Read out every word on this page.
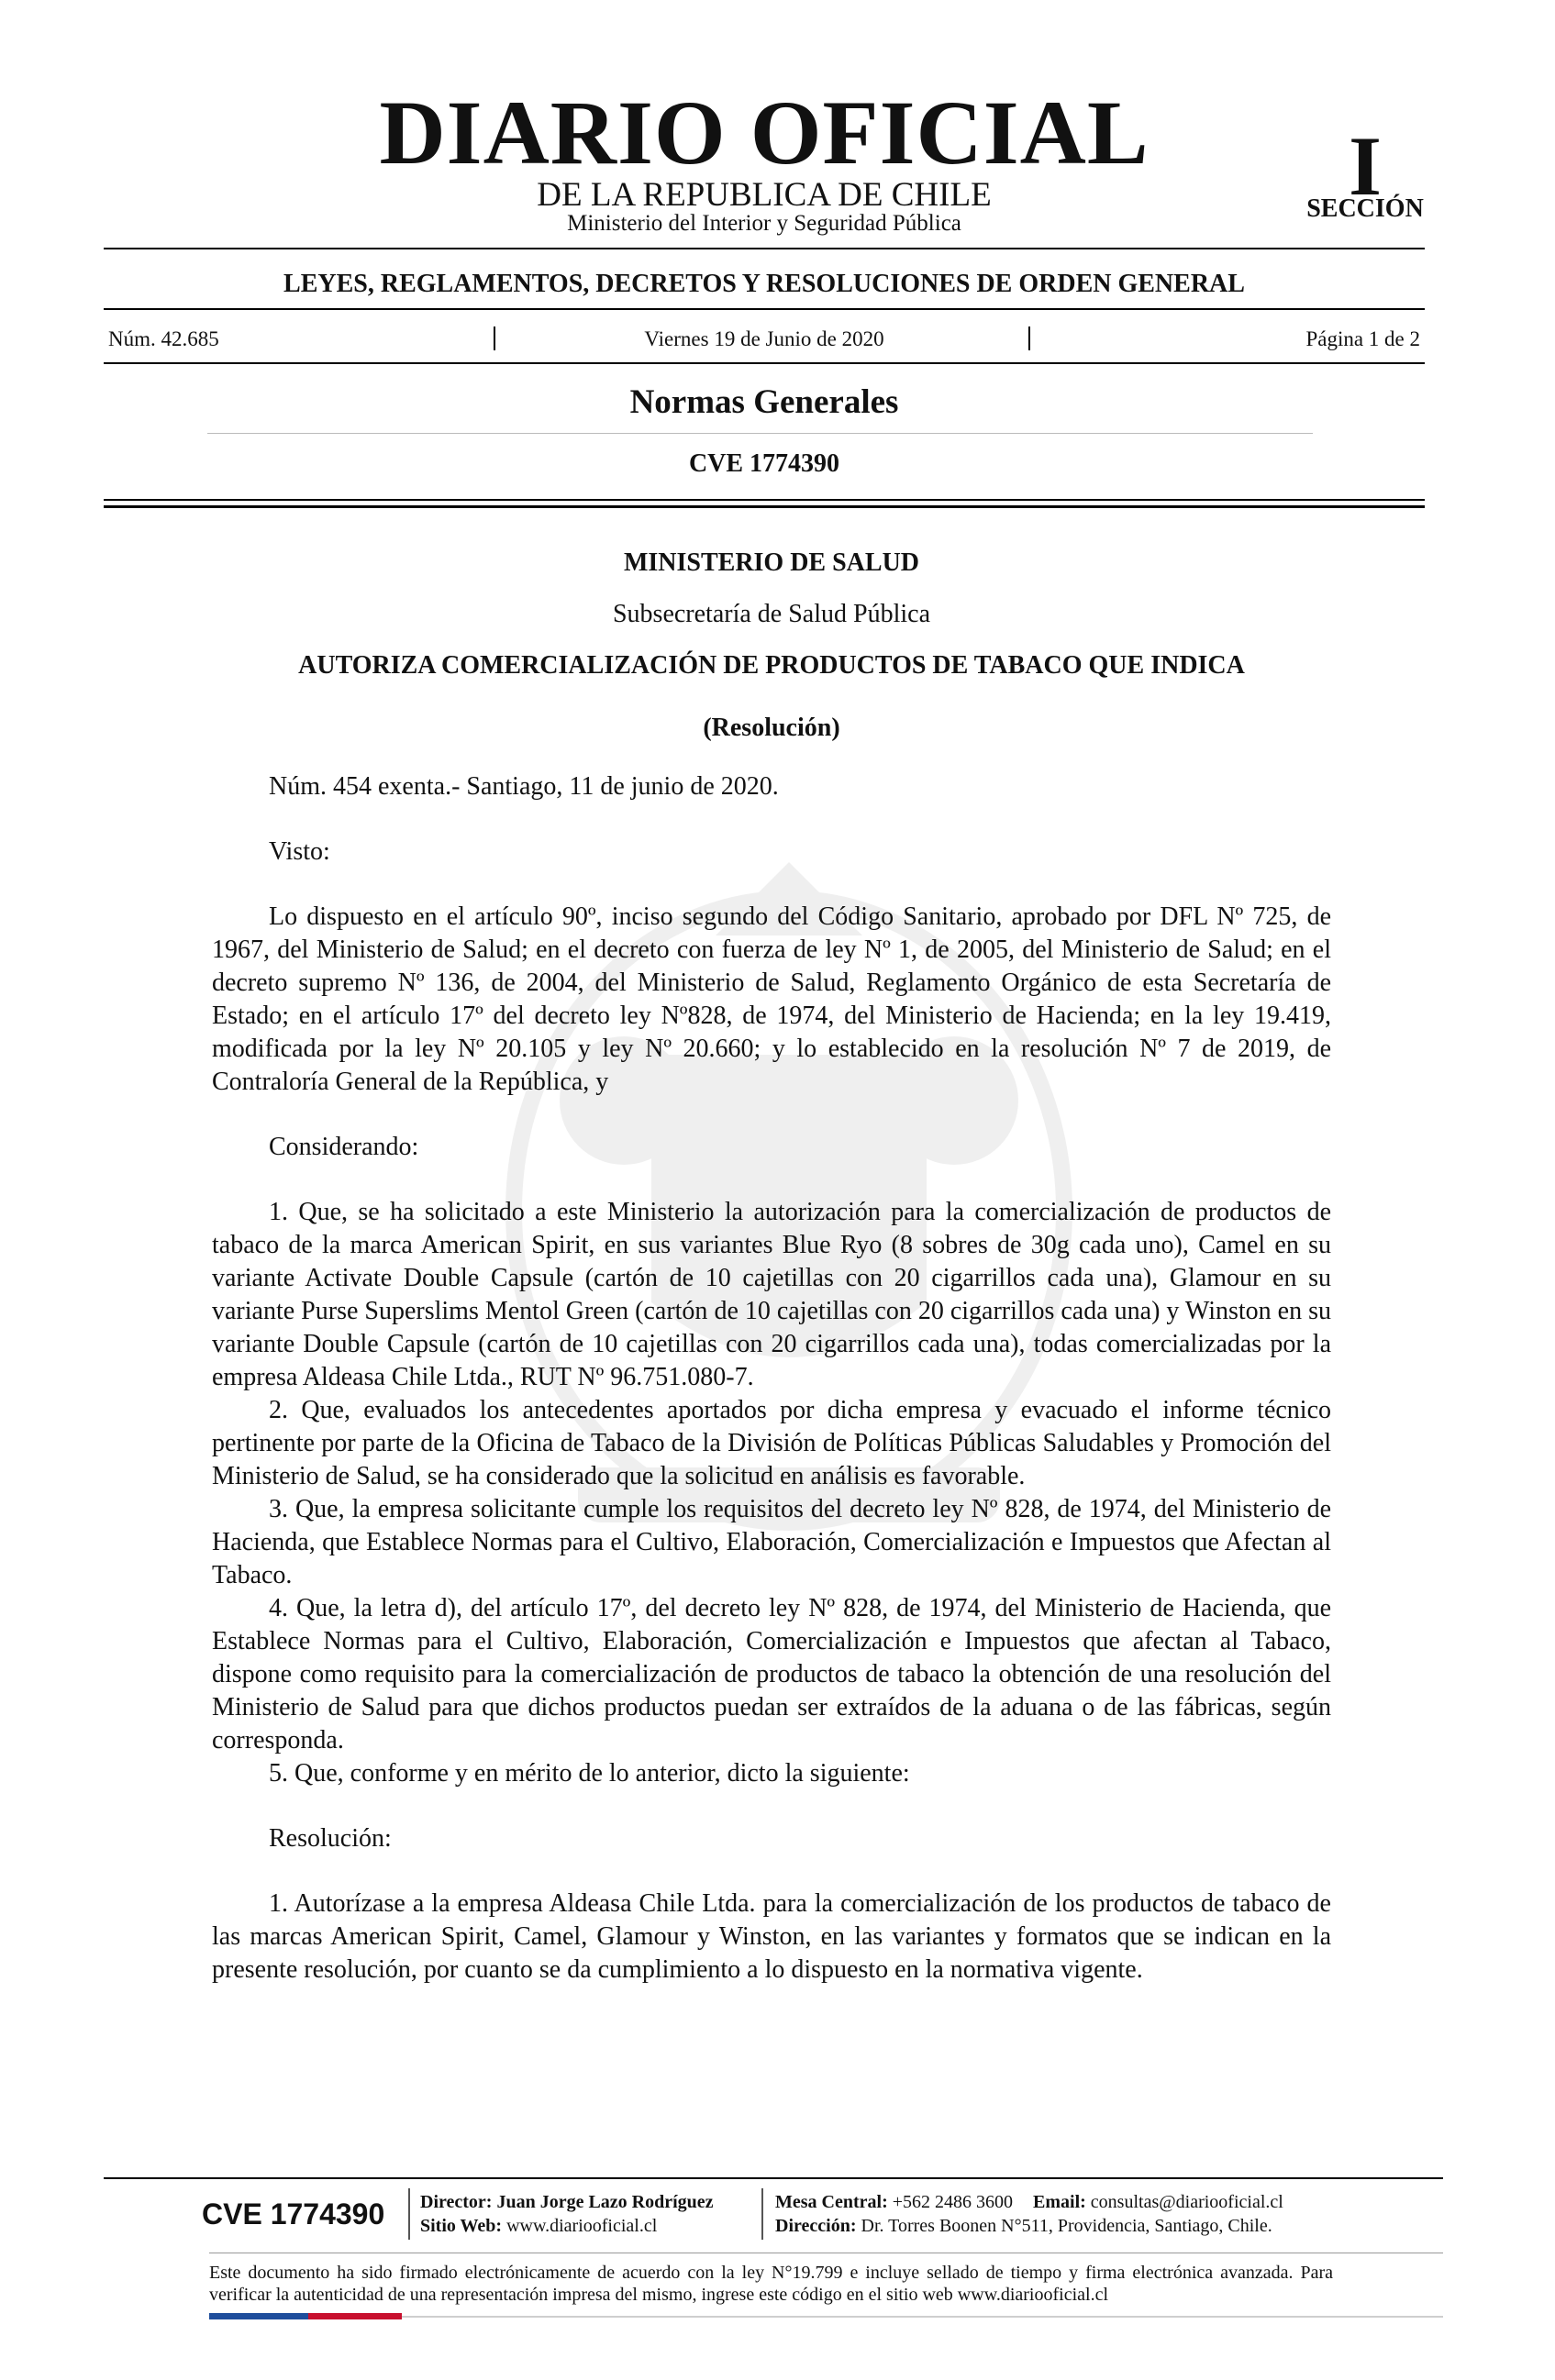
DIARIO OFICIAL
DE LA REPUBLICA DE CHILE
Ministerio del Interior y Seguridad Pública
I
SECCIÓN
LEYES, REGLAMENTOS, DECRETOS Y RESOLUCIONES DE ORDEN GENERAL
Núm. 42.685	Viernes 19 de Junio de 2020	Página 1 de 2
Normas Generales
CVE 1774390
MINISTERIO DE SALUD
Subsecretaría de Salud Pública
AUTORIZA COMERCIALIZACIÓN DE PRODUCTOS DE TABACO QUE INDICA
(Resolución)

Núm. 454 exenta.- Santiago, 11 de junio de 2020.

Visto:

Lo dispuesto en el artículo 90º, inciso segundo del Código Sanitario, aprobado por DFL Nº 725, de 1967, del Ministerio de Salud; en el decreto con fuerza de ley Nº 1, de 2005, del Ministerio de Salud; en el decreto supremo Nº 136, de 2004, del Ministerio de Salud, Reglamento Orgánico de esta Secretaría de Estado; en el artículo 17º del decreto ley Nº828, de 1974, del Ministerio de Hacienda; en la ley 19.419, modificada por la ley Nº 20.105 y ley Nº 20.660; y lo establecido en la resolución Nº 7 de 2019, de Contraloría General de la República, y

Considerando:

1. Que, se ha solicitado a este Ministerio la autorización para la comercialización de productos de tabaco de la marca American Spirit, en sus variantes Blue Ryo (8 sobres de 30g cada uno), Camel en su variante Activate Double Capsule (cartón de 10 cajetillas con 20 cigarrillos cada una), Glamour en su variante Purse Superslims Mentol Green (cartón de 10 cajetillas con 20 cigarrillos cada una) y Winston en su variante Double Capsule (cartón de 10 cajetillas con 20 cigarrillos cada una), todas comercializadas por la empresa Aldeasa Chile Ltda., RUT Nº 96.751.080-7.

2. Que, evaluados los antecedentes aportados por dicha empresa y evacuado el informe técnico pertinente por parte de la Oficina de Tabaco de la División de Políticas Públicas Saludables y Promoción del Ministerio de Salud, se ha considerado que la solicitud en análisis es favorable.

3. Que, la empresa solicitante cumple los requisitos del decreto ley Nº 828, de 1974, del Ministerio de Hacienda, que Establece Normas para el Cultivo, Elaboración, Comercialización e Impuestos que Afectan al Tabaco.

4. Que, la letra d), del artículo 17º, del decreto ley Nº 828, de 1974, del Ministerio de Hacienda, que Establece Normas para el Cultivo, Elaboración, Comercialización e Impuestos que afectan al Tabaco, dispone como requisito para la comercialización de productos de tabaco la obtención de una resolución del Ministerio de Salud para que dichos productos puedan ser extraídos de la aduana o de las fábricas, según corresponda.

5. Que, conforme y en mérito de lo anterior, dicto la siguiente:

Resolución:

1. Autorízase a la empresa Aldeasa Chile Ltda. para la comercialización de los productos de tabaco de las marcas American Spirit, Camel, Glamour y Winston, en las variantes y formatos que se indican en la presente resolución, por cuanto se da cumplimiento a lo dispuesto en la normativa vigente.

CVE 1774390 Director: Juan Jorge Lazo Rodríguez
Sitio Web: www.diariooficial.cl
Mesa Central: +562 2486 3600 Email: consultas@diariooficial.cl
Dirección: Dr. Torres Boonen N°511, Providencia, Santiago, Chile.
Este documento ha sido firmado electrónicamente de acuerdo con la ley N°19.799 e incluye sellado de tiempo y firma electrónica avanzada. Para verificar la autenticidad de una representación impresa del mismo, ingrese este código en el sitio web www.diariooficial.cl
